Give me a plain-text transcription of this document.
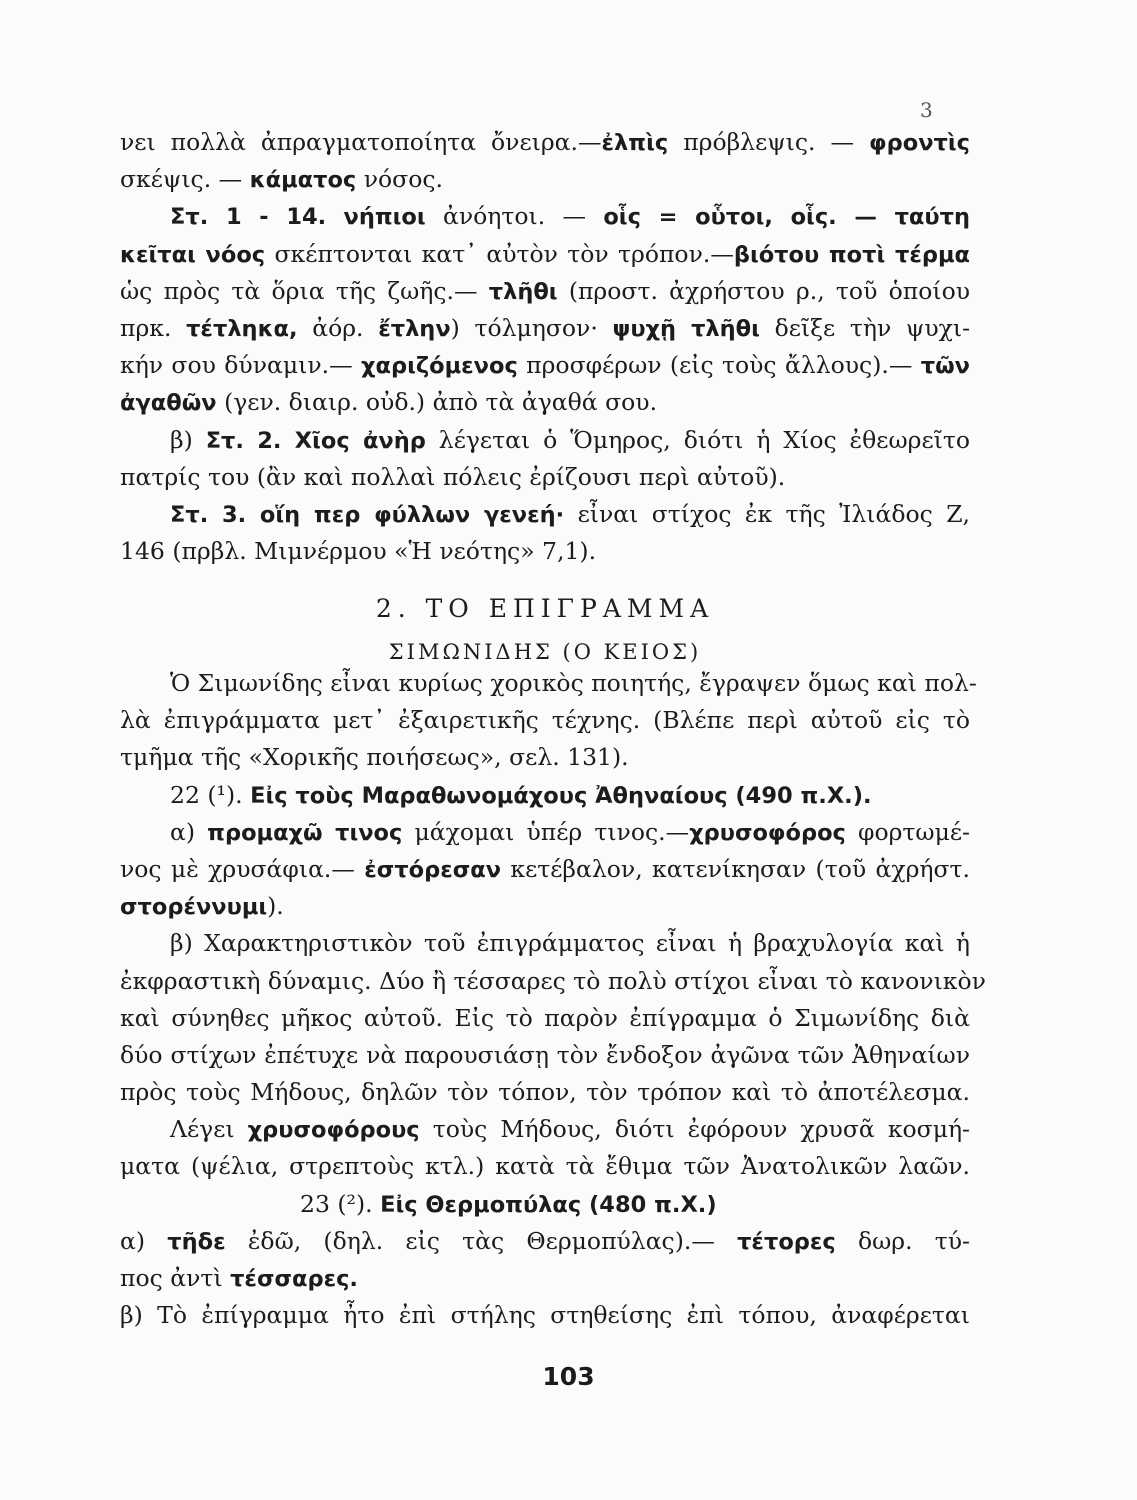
3
νει πολλὰ ἀπραγματοποίητα ὄνειρα.—ἐλπὶς πρόβλεψις. — φροντὶς
σκέψις. — κάματος νόσος.
Στ. 1 - 14. νήπιοι ἀνόητοι. — οἷς = οὗτοι, οἷς. — ταύτη
κεῖται νόος σκέπτονται κατ᾽ αὐτὸν τὸν τρόπον.—βιότου ποτὶ τέρμα
ὡς πρὸς τὰ ὅρια τῆς ζωῆς.— τλῆθι (προστ. ἀχρήστου ρ., τοῦ ὁποίου
πρκ. τέτληκα, ἀόρ. ἔτλην) τόλμησον· ψυχῇ τλῆθι δεῖξε τὴν ψυχι-
κήν σου δύναμιν.— χαριζόμενος προσφέρων (εἰς τοὺς ἄλλους).— τῶν
ἀγαθῶν (γεν. διαιρ. οὐδ.) ἀπὸ τὰ ἀγαθά σου.
β) Στ. 2. Χῖος ἀνὴρ λέγεται ὁ Ὅμηρος, διότι ἡ Χίος ἐθεωρεῖτο
πατρίς του (ἂν καὶ πολλαὶ πόλεις ἐρίζουσι περὶ αὐτοῦ).
Στ. 3. οἵη περ φύλλων γενεή· εἶναι στίχος ἐκ τῆς Ἰλιάδος Ζ,
146 (πρβλ. Μιμνέρμου «Ἡ νεότης» 7,1).
2. ΤΟ ΕΠΙΓΡΑΜΜΑ
ΣΙΜΩΝΙΔΗΣ (Ο ΚΕΙΟΣ)
Ὁ Σιμωνίδης εἶναι κυρίως χορικὸς ποιητής, ἔγραψεν ὅμως καὶ πολ-
λὰ ἐπιγράμματα μετ᾽ ἐξαιρετικῆς τέχνης. (Βλέπε περὶ αὐτοῦ εἰς τὸ
τμῆμα τῆς «Χορικῆς ποιήσεως», σελ. 131).
22 (¹). Εἰς τοὺς Μαραθωνομάχους Ἀθηναίους (490 π.Χ.).
α) προμαχῶ τινος μάχομαι ὑπέρ τινος.—χρυσοφόρος φορτωμέ-
νος μὲ χρυσάφια.— ἐστόρεσαν κετέβαλον, κατενίκησαν (τοῦ ἀχρήστ.
στορέννυμι).
β) Χαρακτηριστικὸν τοῦ ἐπιγράμματος εἶναι ἡ βραχυλογία καὶ ἡ
ἐκφραστικὴ δύναμις. Δύο ἢ τέσσαρες τὸ πολὺ στίχοι εἶναι τὸ κανονικὸν
καὶ σύνηθες μῆκος αὐτοῦ. Εἰς τὸ παρὸν ἐπίγραμμα ὁ Σιμωνίδης διὰ
δύο στίχων ἐπέτυχε νὰ παρουσιάσῃ τὸν ἔνδοξον ἀγῶνα τῶν Ἀθηναίων
πρὸς τοὺς Μήδους, δηλῶν τὸν τόπον, τὸν τρόπον καὶ τὸ ἀποτέλεσμα.
Λέγει χρυσοφόρους τοὺς Μήδους, διότι ἐφόρουν χρυσᾶ κοσμή-
ματα (ψέλια, στρεπτοὺς κτλ.) κατὰ τὰ ἔθιμα τῶν Ἀνατολικῶν λαῶν.
23 (²). Εἰς Θερμοπύλας (480 π.Χ.)
α) τῆδε ἐδῶ, (δηλ. εἰς τὰς Θερμοπύλας).— τέτορες δωρ. τύ-
πος ἀντὶ τέσσαρες.
β) Τὸ ἐπίγραμμα ἦτο ἐπὶ στήλης στηθείσης ἐπὶ τόπου, ἀναφέρεται
103
